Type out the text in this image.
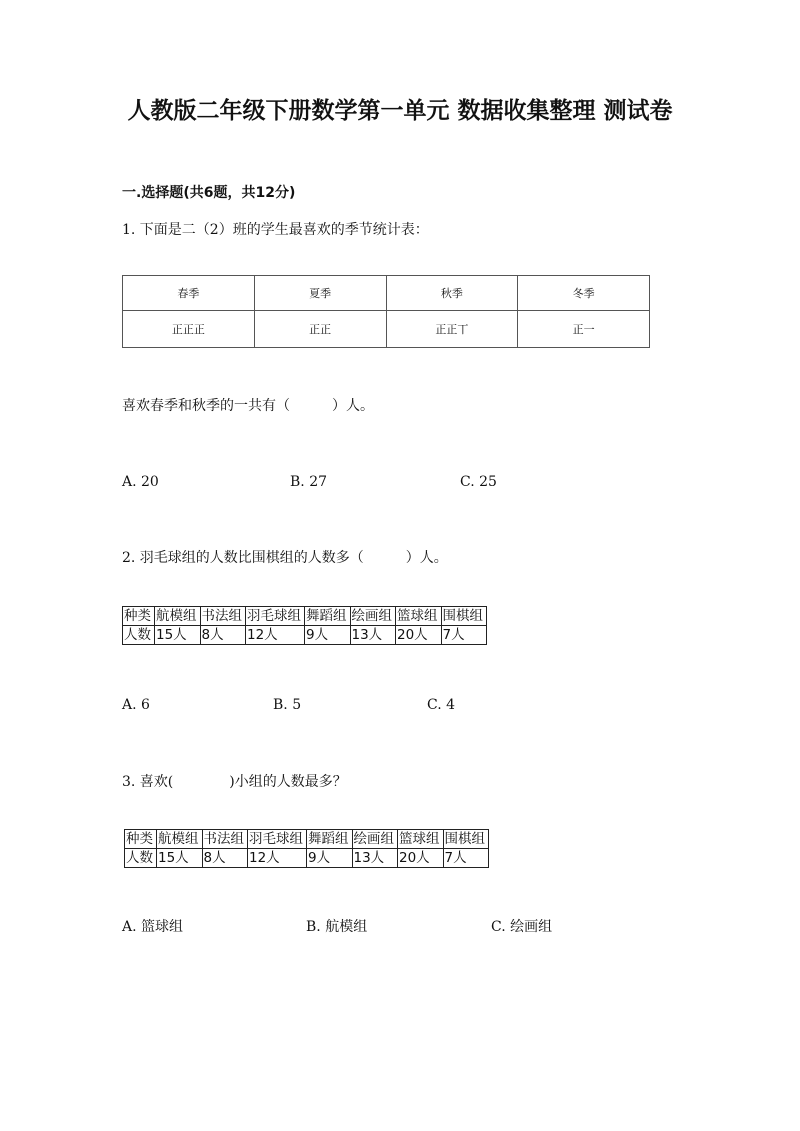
人教版二年级下册数学第一单元 数据收集整理 测试卷
一.选择题(共6题，共12分)
1. 下面是二（2）班的学生最喜欢的季节统计表：
春季	夏季	秋季	冬季
正正正	正正	正正丅	正一
喜欢春季和秋季的一共有（　　　）人。
A. 20	B. 27	C. 25
2. 羽毛球组的人数比围棋组的人数多（　　　）人。
种类	航模组	书法组	羽毛球组	舞蹈组	绘画组	篮球组	围棋组
人数	15人	8人	12人	9人	13人	20人	7人
A. 6	B. 5	C. 4
3. 喜欢(　　　　)小组的人数最多？
种类	航模组	书法组	羽毛球组	舞蹈组	绘画组	篮球组	围棋组
人数	15人	8人	12人	9人	13人	20人	7人
A. 篮球组	B. 航模组	C. 绘画组
